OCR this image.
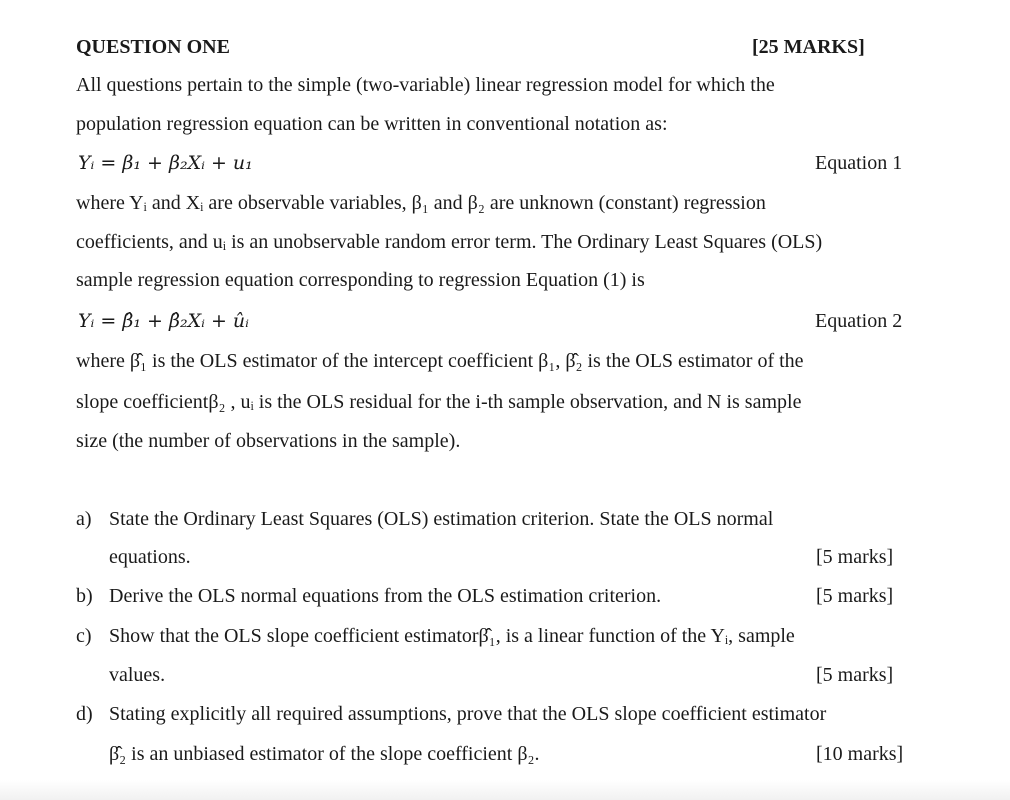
QUESTION ONE	[25 MARKS]
All questions pertain to the simple (two-variable) linear regression model for which the
population regression equation can be written in conventional notation as:
Yᵢ = β₁ + β₂Xᵢ + u₁	Equation 1
where Yᵢ and Xᵢ are observable variables, β₁ and β₂ are unknown (constant) regression
coefficients, and uᵢ is an unobservable random error term. The Ordinary Least Squares (OLS)
sample regression equation corresponding to regression Equation (1) is
Yᵢ = β̂₁ + β̂₂Xᵢ + ûᵢ	Equation 2
where β̂₁ is the OLS estimator of the intercept coefficient β₁, β̂₂ is the OLS estimator of the
slope coefficientβ₂ , uᵢ is the OLS residual for the i-th sample observation, and N is sample
size (the number of observations in the sample).
a) State the Ordinary Least Squares (OLS) estimation criterion. State the OLS normal
equations.	[5 marks]
b) Derive the OLS normal equations from the OLS estimation criterion.	[5 marks]
c) Show that the OLS slope coefficient estimatorβ̂₁, is a linear function of the Yᵢ, sample
values.	[5 marks]
d) Stating explicitly all required assumptions, prove that the OLS slope coefficient estimator
β̂₂ is an unbiased estimator of the slope coefficient β₂.	[10 marks]
